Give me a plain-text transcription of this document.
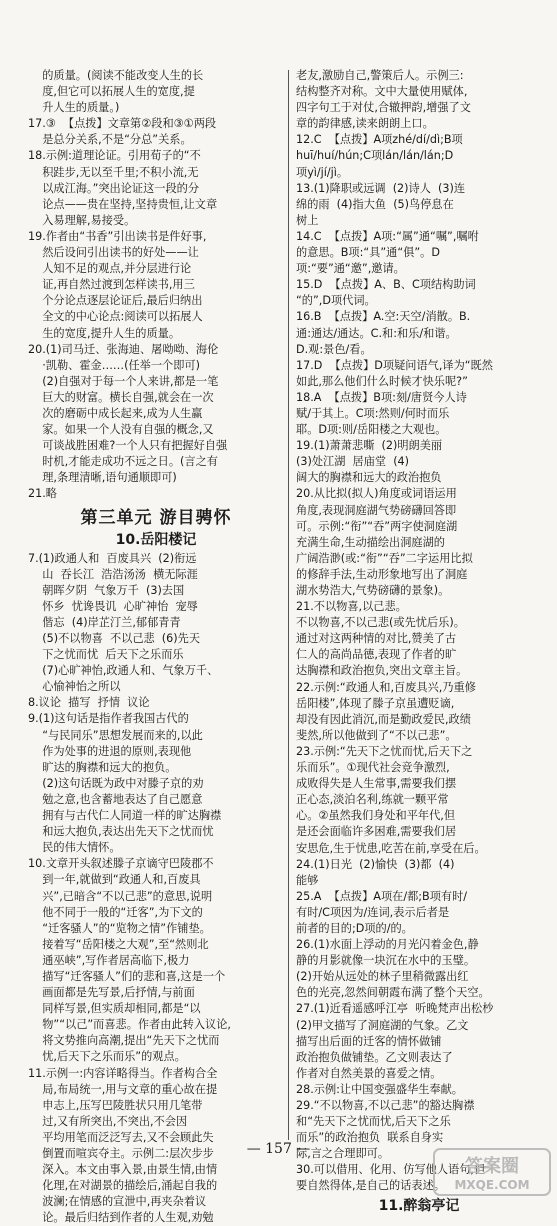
的质量。(阅读不能改变人生的长

度,但它可以拓展人生的宽度,提

升人生的质量。)

17.③  【点拨】文章第②段和③①两段

是总分关系,不是“分总”关系。

18.示例:道理论证。引用荀子的“不

积跬步,无以至千里;不积小流,无

以成江海。”突出论证这一段的分

论点——贵在坚持,坚持贵恒,让文章

入易理解,易接受。

19.作者由“书香”引出读书是件好事,

然后设问引出读书的好处——让

人知不足的观点,并分层进行论

证,再自然过渡到怎样读书,用三

个分论点逐层论证后,最后归纳出

全文的中心论点:阅读可以拓展人

生的宽度,提升人生的质量。

20.(1)司马迁、张海迪、屠呦呦、海伦

·凯勒、霍金……(任举一个即可)

(2)自强对于每一个人来讲,都是一笔

巨大的财富。横长自强,就会在一次

次的磨砺中成长起来,成为人生赢

家。如果一个人没有自强的概念,又

可谈战胜困难?一个人只有把握好自强

时机,才能走成功不远之日。(言之有

理,条理清晰,语句通顺即可)

21.略

第三单元 游目骋怀
10.岳阳楼记

7.(1)政通人和  百废具兴  (2)衔远

山  吞长江  浩浩汤汤  横无际涯

朝晖夕阴  气象万千  (3)去国

怀乡  忧谗畏讥  心旷神怡  宠辱

偕忘  (4)岸芷汀兰,郁郁青青

(5)不以物喜  不以己悲  (6)先天

下之忧而忧  后天下之乐而乐

(7)心旷神怡,政通人和、气象万千、

心愉神怡之所以

8.议论  描写  抒情  议论

9.(1)这句话是指作者我国古代的

“与民同乐”思想发展而来的,以此

作为处事的进退的原则,表现他

旷达的胸襟和远大的抱负。

(2)这句话既为政中对滕子京的劝

勉之意,也含蓄地表达了自己愿意

拥有与古代仁人同道一样的旷达胸襟

和远大抱负,表达出先天下之忧而忧

民的伟大情怀。

10.文章开头叙述滕子京谪守巴陵郡不

到一年,就做到“政通人和,百废具

兴”,已暗含“不以己悲”的意思,说明

他不同于一般的“迁客”,为下文的

“迁客骚人”的“览物之情”作铺垫。

接着写“岳阳楼之大观”,至“然则北

通巫峡”,写作者居高临下,极力

描写“迁客骚人”们的悲和喜,这是一个

画面都是先写景,后抒情,与前面

同样写景,但实质却相同,都是“以

物”“以己”而喜悲。作者由此转入议论,

将文势推向高潮,提出“先天下之忧而

忧,后天下之乐而乐”的观点。

11.示例一:内容详略得当。作者构合全

局,布局统一,用与文章的重心故在提

申志上,压写巴陵胜状只用几笔带

过,又有所突出,不突出,不会因

平均用笔而泛泛写去,又不会顾此失

倒置而喧宾夺主。示例二:层次步步

深入。本文由事入景,由景生情,由情

化理,在对湖景的描绘后,涌起自我的

波澜;在情感的宣泄中,再夹杂着议

论。最后归结到作者的人生观,劝勉

老友,激励自己,警策后人。示例三:

结构整齐对称。文中大量使用赋体,

四字句工于对仗,合辙押韵,增强了文

章的韵律感,读来朗朗上口。

12.C  【点拨】A项zhé/dí/dì;B项

huī/huí/hún;C项lán/lán/lán;D

项yì/jí/jì。

13.(1)降职或远调  (2)诗人  (3)连

绵的雨  (4)指大鱼  (5)鸟停息在

树上

14.C  【点拨】A项:“属”通“嘱”,嘱咐

的意思。B项:“具”通“俱”。D

项:“要”通“邀”,邀请。

15.D  【点拨】A、B、C项结构助词

“的”,D项代词。

16.B  【点拨】A.空:天空/消散。B.

通:通达/通达。C.和:和乐/和谐。

D.观:景色/看。

17.D  【点拨】D项疑问语气,译为“既然

如此,那么他们什么时候才快乐呢?”

18.A  【点拨】B项:刻/唐贤今人诗

赋/于其上。C项:然则/何时而乐

耶。D项:则/岳阳楼之大观也。

19.(1)萧萧悲嘶  (2)明朗美丽

(3)处江湖  居庙堂  (4)

阔大的胸襟和远大的政治抱负

20.从比拟(拟人)角度或词语运用

角度,表现洞庭湖气势磅礴回答即

可。示例:“衔”“吞”两字使洞庭湖

充满生命,生动描绘出洞庭湖的

广阔浩渺(或:“衔”“吞”二字运用比拟

的修辞手法,生动形象地写出了洞庭

湖水势浩大,气势磅礴的景象)。

21.不以物喜,以己悲。

不以物喜,不以己悲(或先忧后乐)。

通过对这两种情的对比,赞美了古

仁人的高尚品德,表现了作者的旷

达胸襟和政治抱负,突出文章主旨。

22.示例:“政通人和,百废具兴,乃重修

岳阳楼”,体现了滕子京虽遭贬谪,

却没有因此消沉,而是勤政爱民,政绩

斐然,所以他做到了“不以己悲”。

23.示例:“先天下之忧而忧,后天下之

乐而乐”。①现代社会竞争激烈,

成败得失是人生常事,需要我们摆

正心态,淡泊名利,练就一颗平常

心。②虽然我们身处和平年代,但

是还会面临许多困难,需要我们居

安思危,生于忧患,吃苦在前,享受在后。

24.(1)日光  (2)愉快  (3)都  (4)

能够

25.A  【点拨】A项在/都;B项有时/

有时/C项因为/连词,表示后者是

前者的目的;D项的/的。

26.(1)水面上浮动的月光闪着金色,静

静的月影就像一块沉在水中的玉璧。

(2)开始从远处的林子里稍微露出红

色的光亮,忽然间朝霞布满了整个天空。

27.(1)近看遥感呼江亭  听晚梵声出松杪

(2)甲文描写了洞庭湖的气象。乙文

描写出后面的迁客的情怀做铺

政治抱负做铺垫。乙文则表达了

作者对自然美景的喜爱之情。

28.示例:让中国变强盛华生奉献。

29.“不以物喜,不以己悲”的豁达胸襟

和“先天下之忧而忧,后天下之乐

而乐”的政治抱负  联系自身实

际,言之合理即可。

30.可以借用、化用、仿写他人语句,但

要自然得体,是自己的话表述。

11.醉翁亭记
— 157 —
答案圈
MXQE.COM
